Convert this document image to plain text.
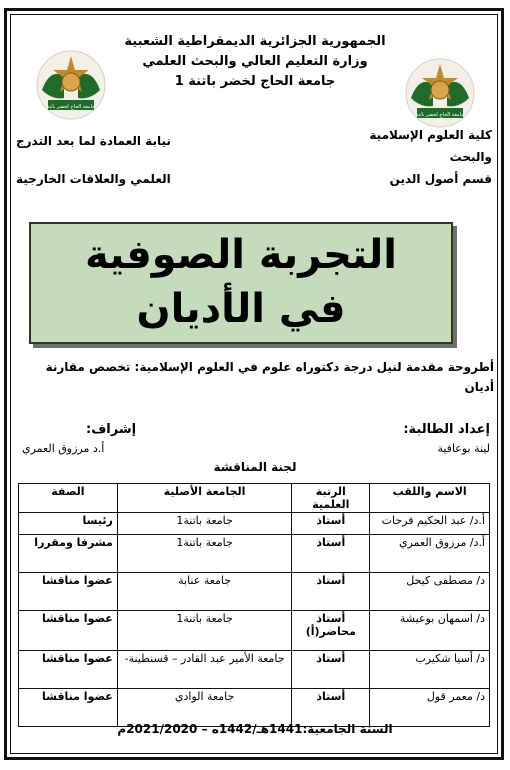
الجمهورية الجزائرية الديمقراطية الشعبية
وزارة التعليم العالي والبحث العلمي
جامعة الحاج لخضر باتنة 1
جامعة الحاج لخضر باتنة
جامعة الحاج لخضر باتنة
كلية العلوم الإسلامية
والبحث
قسم أصول الدين
نيابة العمادة لما بعد التدرج
العلمي والعلاقات الخارجية
التجربة الصوفية
في الأديان
أطروحة مقدمة لنيل درجة دكتوراه علوم في العلوم الإسلامية: تخصص مقارنة
أديان
إعداد الطالبة:
لينة بوعافية
إشراف:
أ.د مرزوق العمري
لجنة المناقشة
الاسم واللقب	الرتبة العلمية	الجامعة الأصلية	الصفة
أ.د/ عبد الحكيم فرحات	أستاذ	جامعة باتنة1	رئيسا
أ.د/ مرزوق العمري	أستاذ	جامعة باتنة1	مشرفا ومقررا
د/ مصطفى كيحل	أستاذ	جامعة عنابة	عضوا مناقشا
د/ اسمهان بوعيشة	أستاذ محاضر(أ)	جامعة باتنة1	عضوا مناقشا
د/ أسيا شكيرب	أستاذ	جامعة الأمير عبد القادر – قسنطينة-	عضوا مناقشا
د/ معمر قول	أستاذ	جامعة الوادي	عضوا مناقشا
السنة الجامعية:1441هـ/1442ه – 2021/2020م
